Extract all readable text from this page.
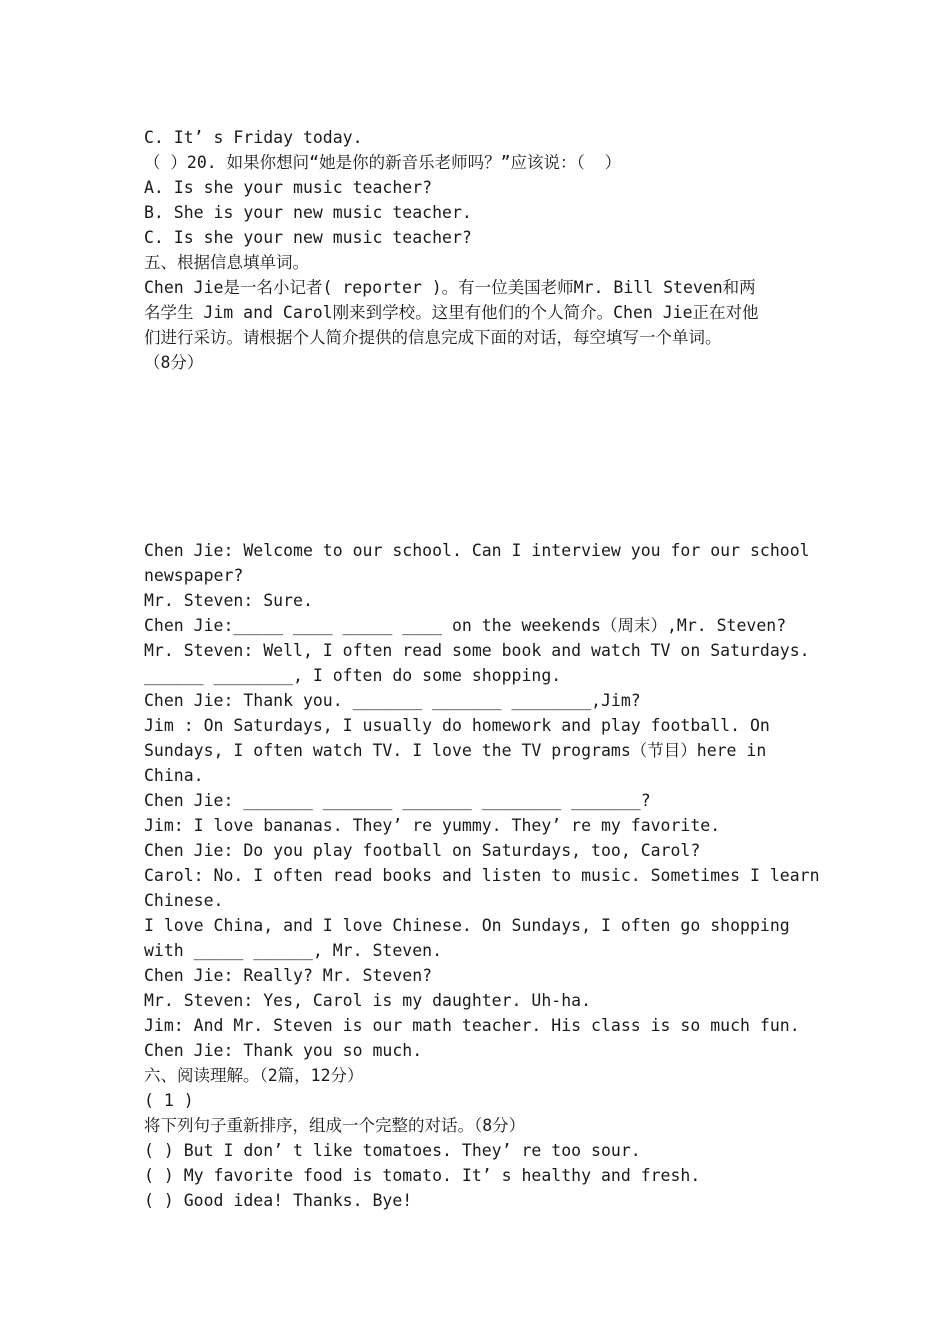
C. It’ s Friday today.
（ ）20. 如果你想问“她是你的新音乐老师吗？”应该说：（  ）
A. Is she your music teacher?
B. She is your new music teacher.
C. Is she your new music teacher?
五、根据信息填单词。
Chen Jie是一名小记者( reporter )。有一位美国老师Mr. Bill Steven和两
名学生 Jim and Carol刚来到学校。这里有他们的个人简介。Chen Jie正在对他
们进行采访。请根据个人简介提供的信息完成下面的对话，每空填写一个单词。
（8分）
Chen Jie: Welcome to our school. Can I interview you for our school
newspaper?
Mr. Steven: Sure.
Chen Jie:_____ ____ _____ ____ on the weekends（周末）,Mr. Steven?
Mr. Steven: Well, I often read some book and watch TV on Saturdays.
______ ________, I often do some shopping.
Chen Jie: Thank you. _______ _______ ________,Jim?
Jim : On Saturdays, I usually do homework and play football. On
Sundays, I often watch TV. I love the TV programs（节目）here in
China.
Chen Jie: _______ _______ _______ ________ _______?
Jim: I love bananas. They’ re yummy. They’ re my favorite.
Chen Jie: Do you play football on Saturdays, too, Carol?
Carol: No. I often read books and listen to music. Sometimes I learn
Chinese.
I love China, and I love Chinese. On Sundays, I often go shopping
with _____ ______, Mr. Steven.
Chen Jie: Really? Mr. Steven?
Mr. Steven: Yes, Carol is my daughter. Uh-ha.
Jim: And Mr. Steven is our math teacher. His class is so much fun.
Chen Jie: Thank you so much.
六、阅读理解。（2篇，12分）
( 1 )
将下列句子重新排序，组成一个完整的对话。（8分）
( ) But I don’ t like tomatoes. They’ re too sour.
( ) My favorite food is tomato. It’ s healthy and fresh.
( ) Good idea! Thanks. Bye!
